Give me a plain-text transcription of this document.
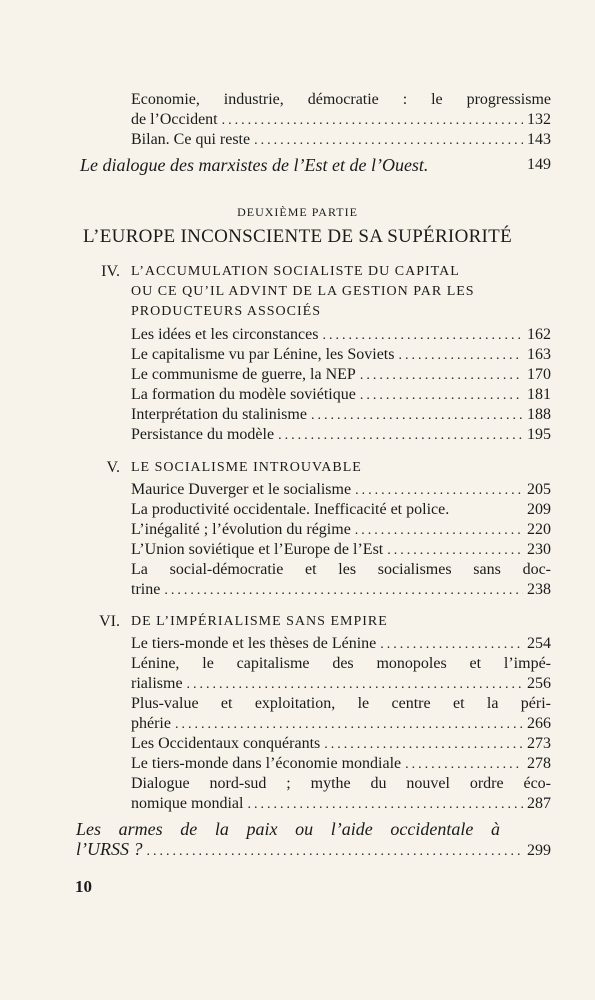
Economie, industrie, démocratie : le progressisme
de l’Occident .....	132
Bilan. Ce qui reste .....	143
Le dialogue des marxistes de l’Est et de l’Ouest.	149
DEUXIÈME PARTIE
L’EUROPE INCONSCIENTE DE SA SUPÉRIORITÉ
IV. L’ACCUMULATION SOCIALISTE DU CAPITAL
OU CE QU’IL ADVINT DE LA GESTION PAR LES
PRODUCTEURS ASSOCIÉS
Les idées et les circonstances .....	162
Le capitalisme vu par Lénine, les Soviets .....	163
Le communisme de guerre, la NEP .....	170
La formation du modèle soviétique .....	181
Interprétation du stalinisme .....	188
Persistance du modèle .....	195
V. LE SOCIALISME INTROUVABLE
Maurice Duverger et le socialisme .....	205
La productivité occidentale. Inefficacité et police.	209
L’inégalité ; l’évolution du régime .....	220
L’Union soviétique et l’Europe de l’Est .....	230
La social-démocratie et les socialismes sans doc-
trine .....	238
VI. DE L’IMPÉRIALISME SANS EMPIRE
Le tiers-monde et les thèses de Lénine .....	254
Lénine, le capitalisme des monopoles et l’impé-
rialisme .....	256
Plus-value et exploitation, le centre et la péri-
phérie .....	266
Les Occidentaux conquérants .....	273
Le tiers-monde dans l’économie mondiale .....	278
Dialogue nord-sud ; mythe du nouvel ordre éco-
nomique mondial .....	287
Les armes de la paix ou l’aide occidentale à
l’URSS ? .....	299
10
